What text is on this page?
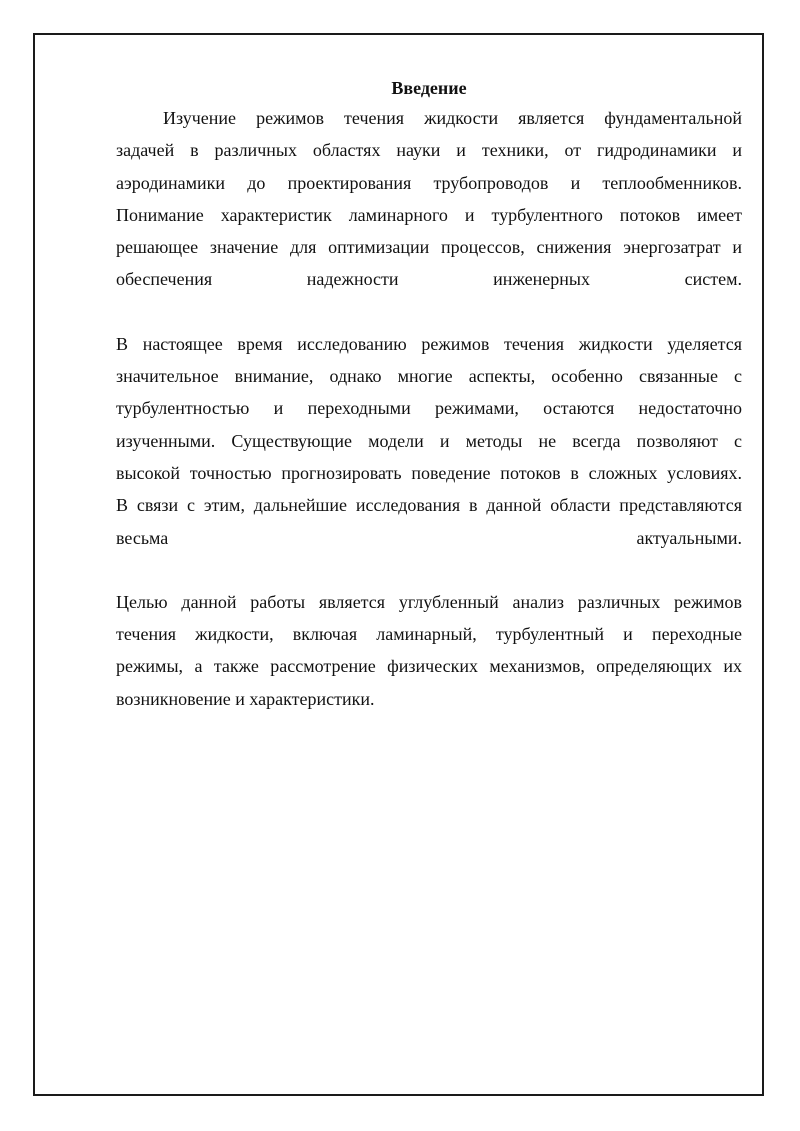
Введение
Изучение режимов течения жидкости является фундаментальной
задачей в различных областях науки и техники, от гидродинамики и
аэродинамики до проектирования трубопроводов и теплообменников.
Понимание характеристик ламинарного и турбулентного потоков имеет
решающее значение для оптимизации процессов, снижения энергозатрат и
обеспечения	надежности	инженерных	систем.
В настоящее время исследованию режимов течения жидкости уделяется
значительное внимание, однако многие аспекты, особенно связанные с
турбулентностью и переходными режимами, остаются недостаточно
изученными. Существующие модели и методы не всегда позволяют с
высокой точностью прогнозировать поведение потоков в сложных условиях.
В связи с этим, дальнейшие исследования в данной области представляются
весьма	актуальными.
Целью данной работы является углубленный анализ различных режимов
течения жидкости, включая ламинарный, турбулентный и переходные
режимы, а также рассмотрение физических механизмов, определяющих их
возникновение и характеристики.
